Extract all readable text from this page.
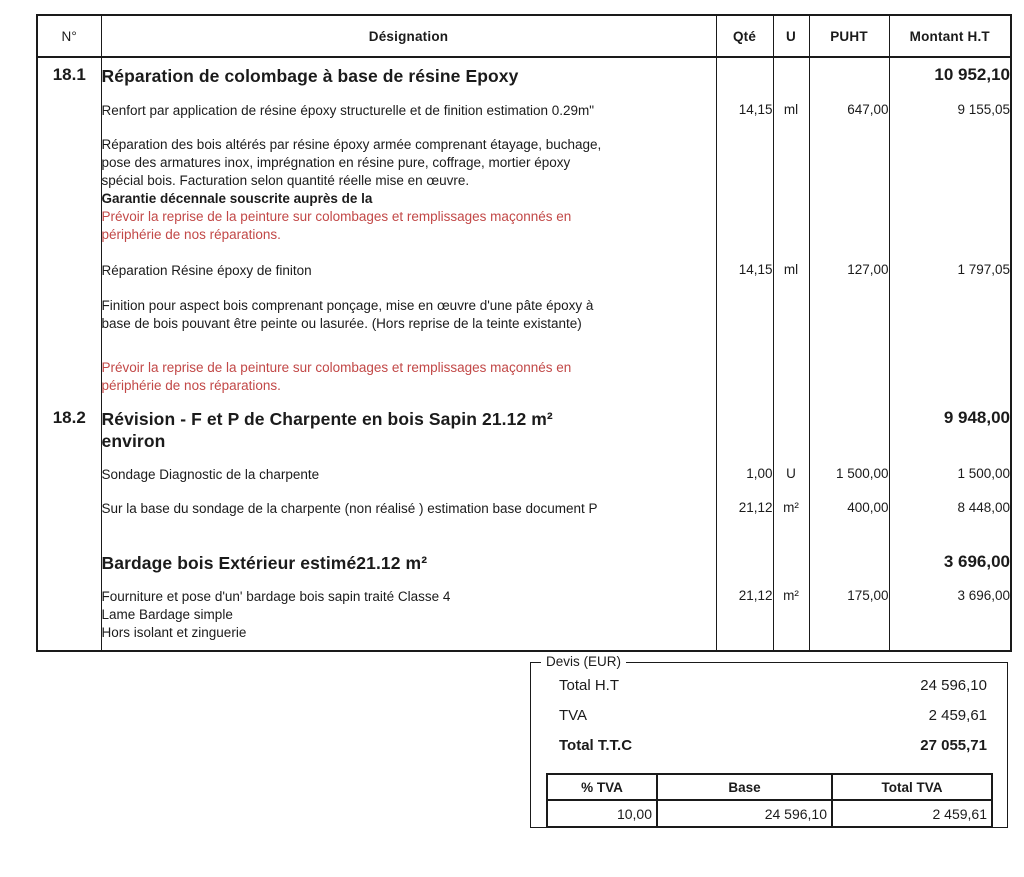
N°	Désignation	Qté	U	PUHT	Montant H.T
18.1	Réparation de colombage à base de résine Epoxy				10 952,10

	Renfort par application de résine époxy structurelle et de finition estimation 0.29m"	14,15	ml	647,00	9 155,05

Réparation des bois altérés par résine époxy armée comprenant étayage, buchage,
pose des armatures inox, imprégnation en résine pure, coffrage, mortier époxy
spécial bois. Facturation selon quantité réelle mise en œuvre.
Garantie décennale souscrite auprès de la
Prévoir la reprise de la peinture sur colombages et remplissages maçonnés en
périphérie de nos réparations.

	Réparation Résine époxy de finiton	14,15	ml	127,00	1 797,05

	Finition pour aspect bois comprenant ponçage, mise en œuvre d'une pâte époxy à
base de bois pouvant être peinte ou lasurée. (Hors reprise de la teinte existante)				

	Prévoir la reprise de la peinture sur colombages et remplissages maçonnés en
périphérie de nos réparations.				

18.2	Révision - F et P de Charpente en bois Sapin 21.12 m²
environ				9 948,00

	Sondage Diagnostic de la charpente	1,00	U	1 500,00	1 500,00

	Sur la base du sondage de la charpente (non réalisé ) estimation base document P	21,12	m²	400,00	8 448,00

	Bardage bois Extérieur estimé21.12 m²				3 696,00

	Fourniture et pose d'un' bardage bois sapin traité Classe 4
Lame Bardage simple
Hors isolant et zinguerie	21,12	m²	175,00	3 696,00
Devis (EUR)
Total H.T	24 596,10
TVA	2 459,61
Total T.T.C	27 055,71
% TVA	Base	Total TVA
10,00	24 596,10	2 459,61
